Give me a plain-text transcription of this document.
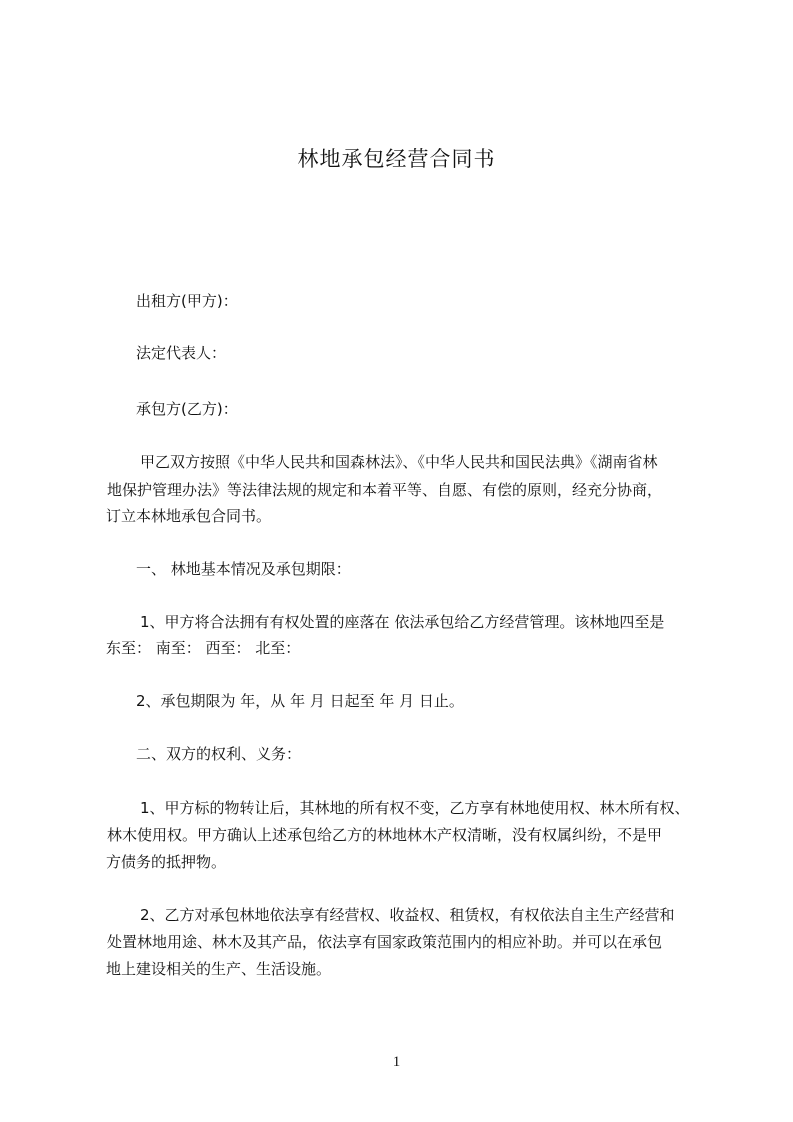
林地承包经营合同书
出租方(甲方)：
法定代表人：
承包方(乙方)：
甲乙双方按照《中华人民共和国森林法》、《中华人民共和国民法典》《湖南省林
地保护管理办法》等法律法规的规定和本着平等、自愿、有偿的原则，经充分协商，
订立本林地承包合同书。
一、 林地基本情况及承包期限：
1、甲方将合法拥有有权处置的座落在 依法承包给乙方经营管理。该林地四至是
东至： 南至： 西至： 北至：
2、承包期限为 年，从 年 月 日起至 年 月 日止。
二、双方的权利、义务：
1、甲方标的物转让后，其林地的所有权不变，乙方享有林地使用权、林木所有权、
林木使用权。甲方确认上述承包给乙方的林地林木产权清晰，没有权属纠纷，不是甲
方债务的抵押物。
2、乙方对承包林地依法享有经营权、收益权、租赁权，有权依法自主生产经营和
处置林地用途、林木及其产品，依法享有国家政策范围内的相应补助。并可以在承包
地上建设相关的生产、生活设施。
1
